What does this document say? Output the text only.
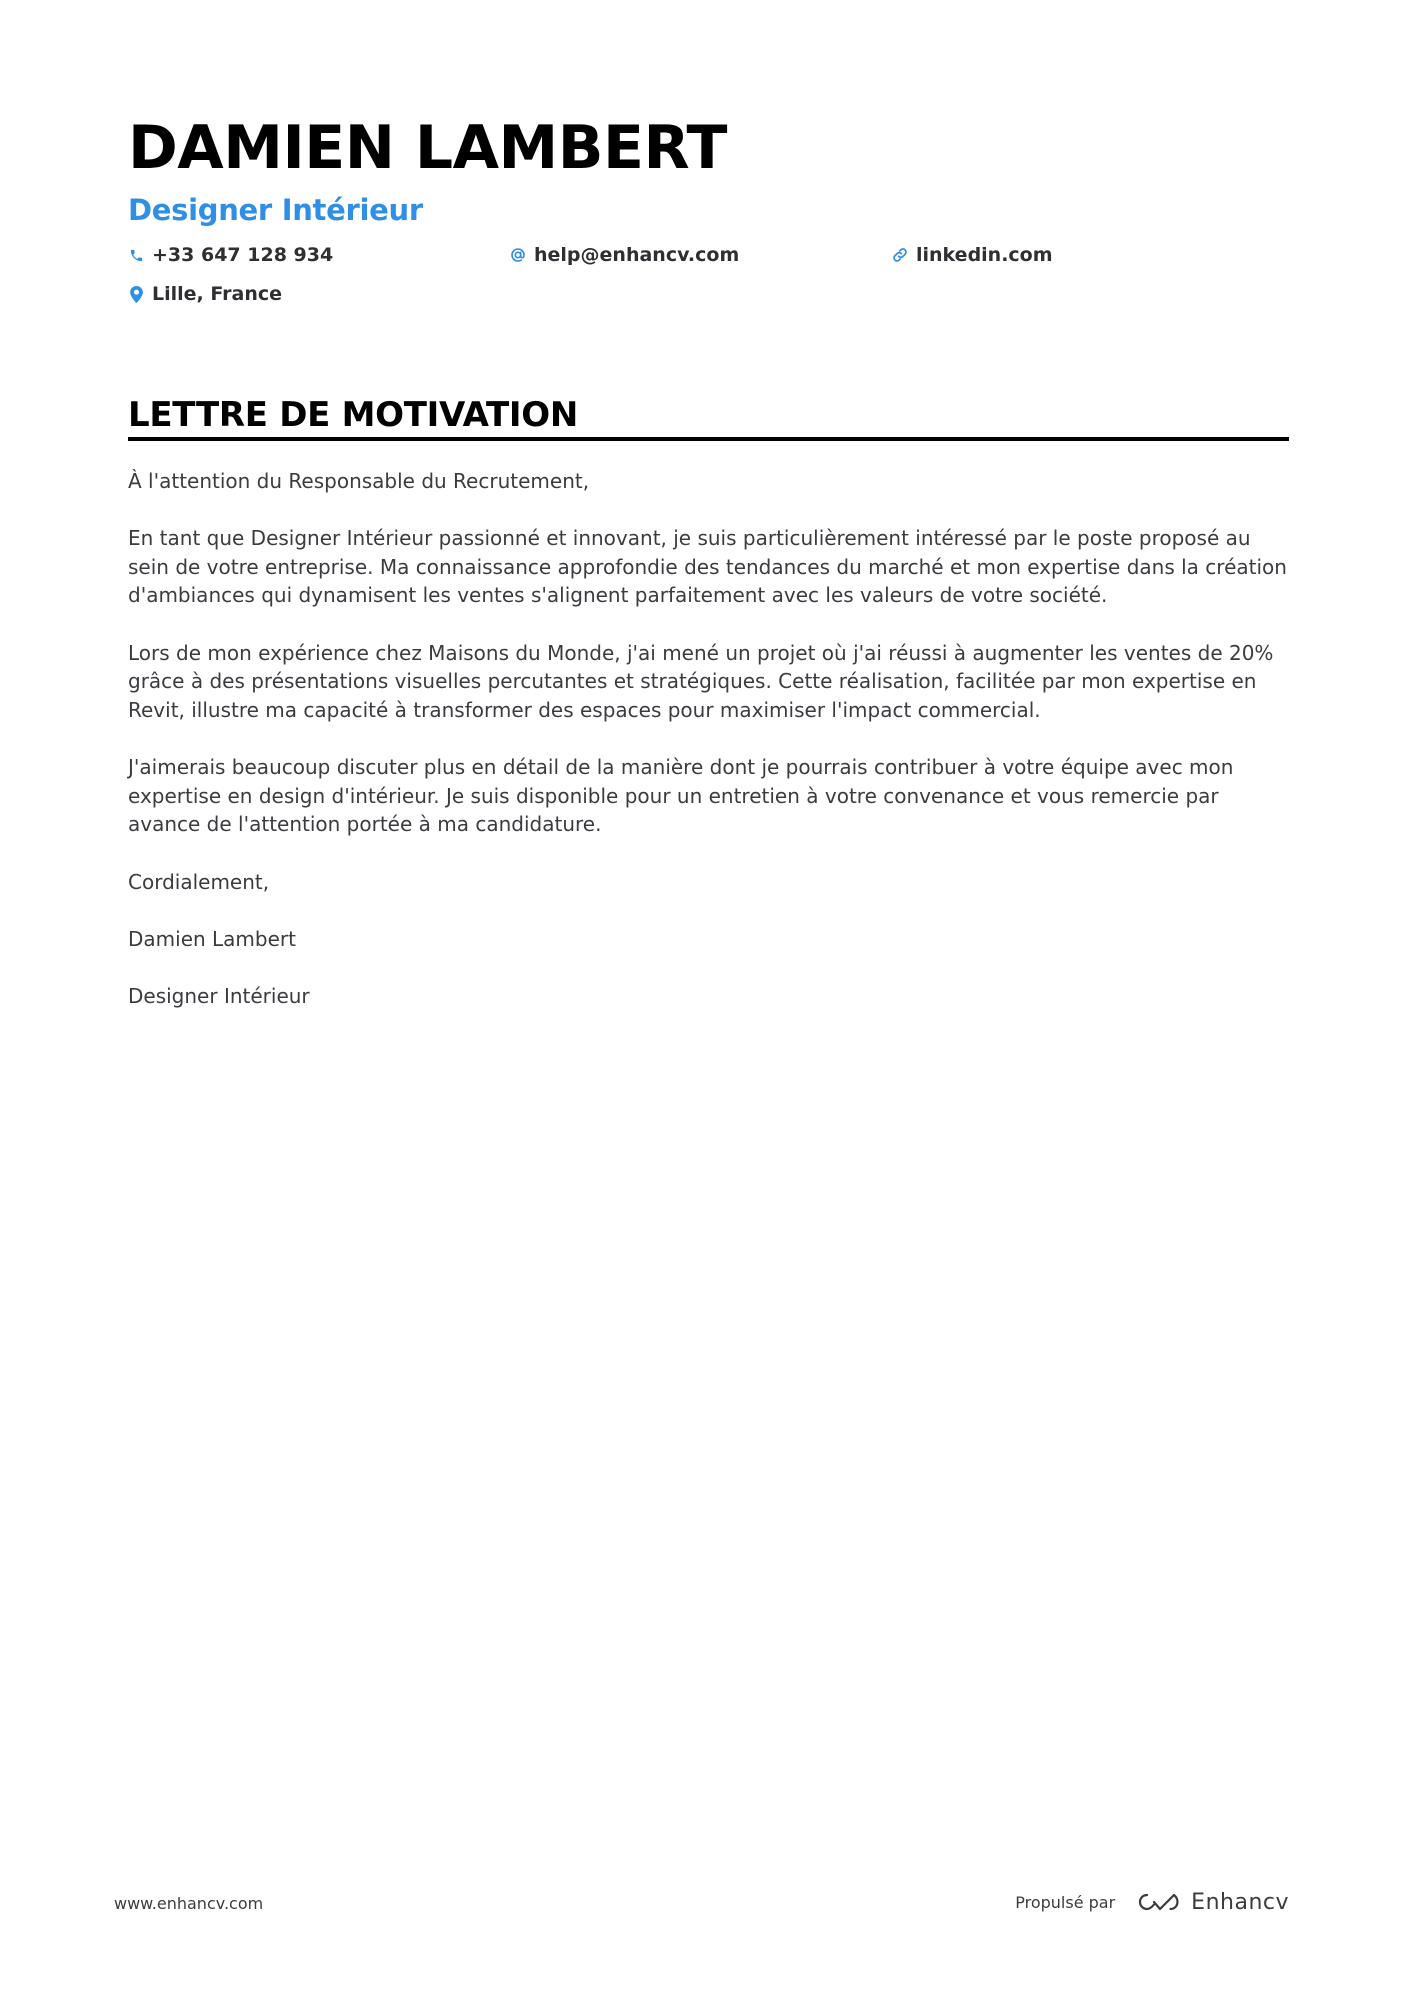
DAMIEN LAMBERT
Designer Intérieur
+33 647 128 934	help@enhancv.com	linkedin.com
Lille, France
LETTRE DE MOTIVATION

À l'attention du Responsable du Recrutement,

En tant que Designer Intérieur passionné et innovant, je suis particulièrement intéressé par le poste proposé au sein de votre entreprise. Ma connaissance approfondie des tendances du marché et mon expertise dans la création d'ambiances qui dynamisent les ventes s'alignent parfaitement avec les valeurs de votre société.

Lors de mon expérience chez Maisons du Monde, j'ai mené un projet où j'ai réussi à augmenter les ventes de 20% grâce à des présentations visuelles percutantes et stratégiques. Cette réalisation, facilitée par mon expertise en Revit, illustre ma capacité à transformer des espaces pour maximiser l'impact commercial.

J'aimerais beaucoup discuter plus en détail de la manière dont je pourrais contribuer à votre équipe avec mon expertise en design d'intérieur. Je suis disponible pour un entretien à votre convenance et vous remercie par avance de l'attention portée à ma candidature.

Cordialement,

Damien Lambert

Designer Intérieur

www.enhancv.com	Propulsé par	Enhancv
